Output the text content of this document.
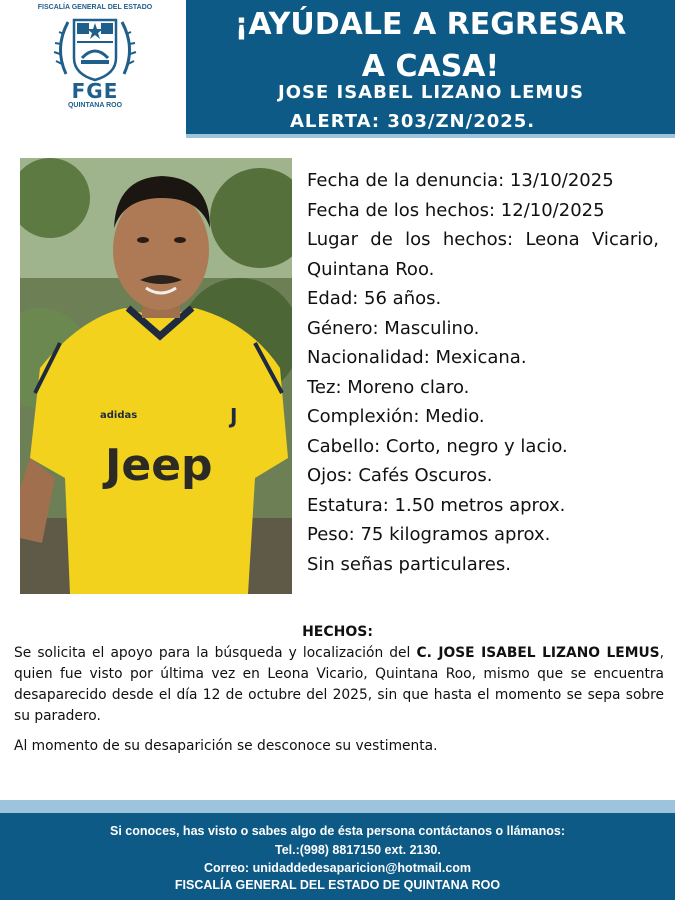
FISCALÍA GENERAL DEL ESTADO
FGE
QUINTANA ROO
¡AYÚDALE A REGRESAR
A CASA!
JOSE ISABEL LIZANO LEMUS
ALERTA: 303/ZN/2025.
adidas	J
Jeep
Fecha de la denuncia: 13/10/2025
Fecha de los hechos: 12/10/2025
Lugar de los hechos: Leona Vicario, Quintana Roo.
Edad: 56 años.
Género: Masculino.
Nacionalidad: Mexicana.
Tez: Moreno claro.
Complexión: Medio.
Cabello: Corto, negro y lacio.
Ojos: Cafés Oscuros.
Estatura: 1.50 metros aprox.
Peso: 75 kilogramos aprox.
Sin señas particulares.
HECHOS:
Se solicita el apoyo para la búsqueda y localización del C. JOSE ISABEL LIZANO LEMUS, quien fue visto por última vez en Leona Vicario, Quintana Roo, mismo que se encuentra desaparecido desde el día 12 de octubre del 2025, sin que hasta el momento se sepa sobre su paradero.
Al momento de su desaparición se desconoce su vestimenta.
Si conoces, has visto o sabes algo de ésta persona contáctanos o llámanos:
Tel.:(998) 8817150 ext. 2130.
Correo: unidaddedesaparicion@hotmail.com
FISCALÍA GENERAL DEL ESTADO DE QUINTANA ROO
